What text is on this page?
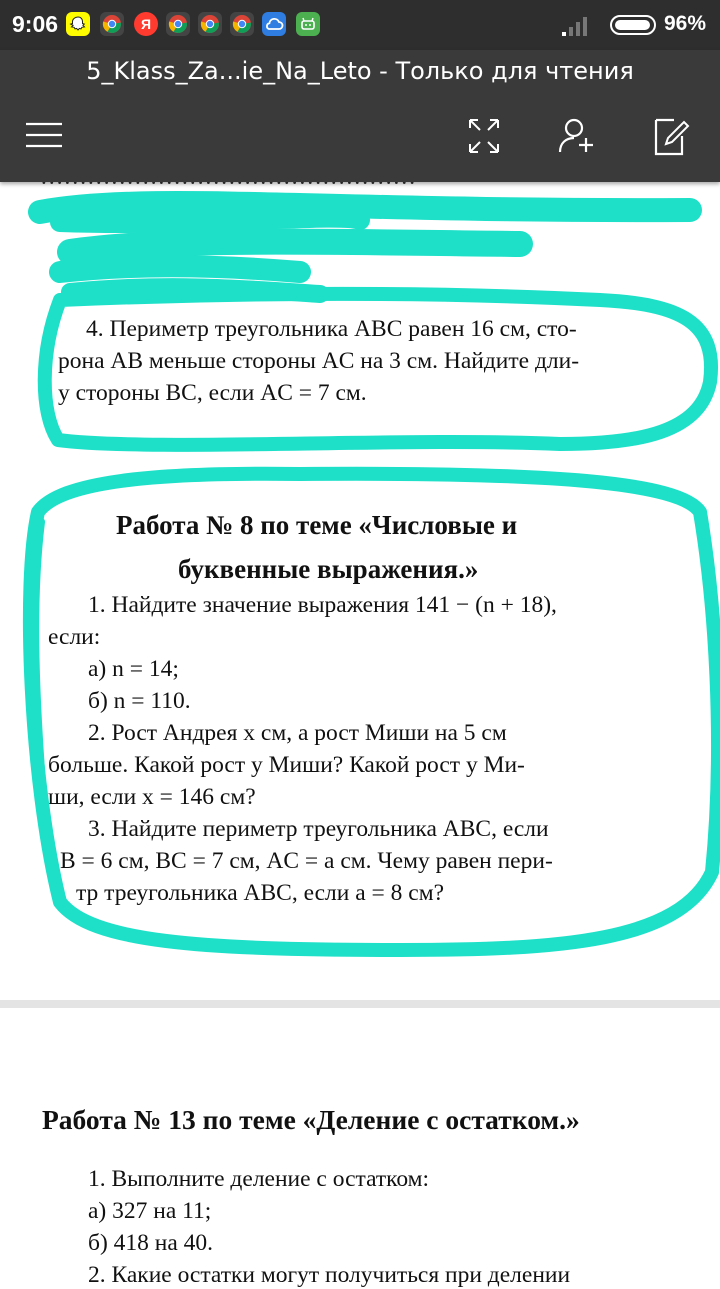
9:06	Я	96%
5_Klass_Za...ie_Na_Leto - Только для чтения
4. Периметр треугольника ABC равен 16 см, сто-
рона AB меньше стороны AC на 3 см. Найдите дли-
у стороны BC, если AC = 7 см.
Работа № 8 по теме «Числовые и
буквенные выражения.»
1. Найдите значение выражения 141 − (n + 18),
если:
а) n = 14;
б) n = 110.
2. Рост Андрея x см, а рост Миши на 5 см
больше. Какой рост у Миши? Какой рост у Ми-
ши, если x = 146 см?
3. Найдите периметр треугольника ABC, если
B = 6 см, BC = 7 см, AC = a см. Чему равен пери-
тр треугольника ABC, если a = 8 см?
Работа № 13 по теме «Деление с остатком.»
1. Выполните деление с остатком:
а) 327 на 11;
б) 418 на 40.
2. Какие остатки могут получиться при делении
